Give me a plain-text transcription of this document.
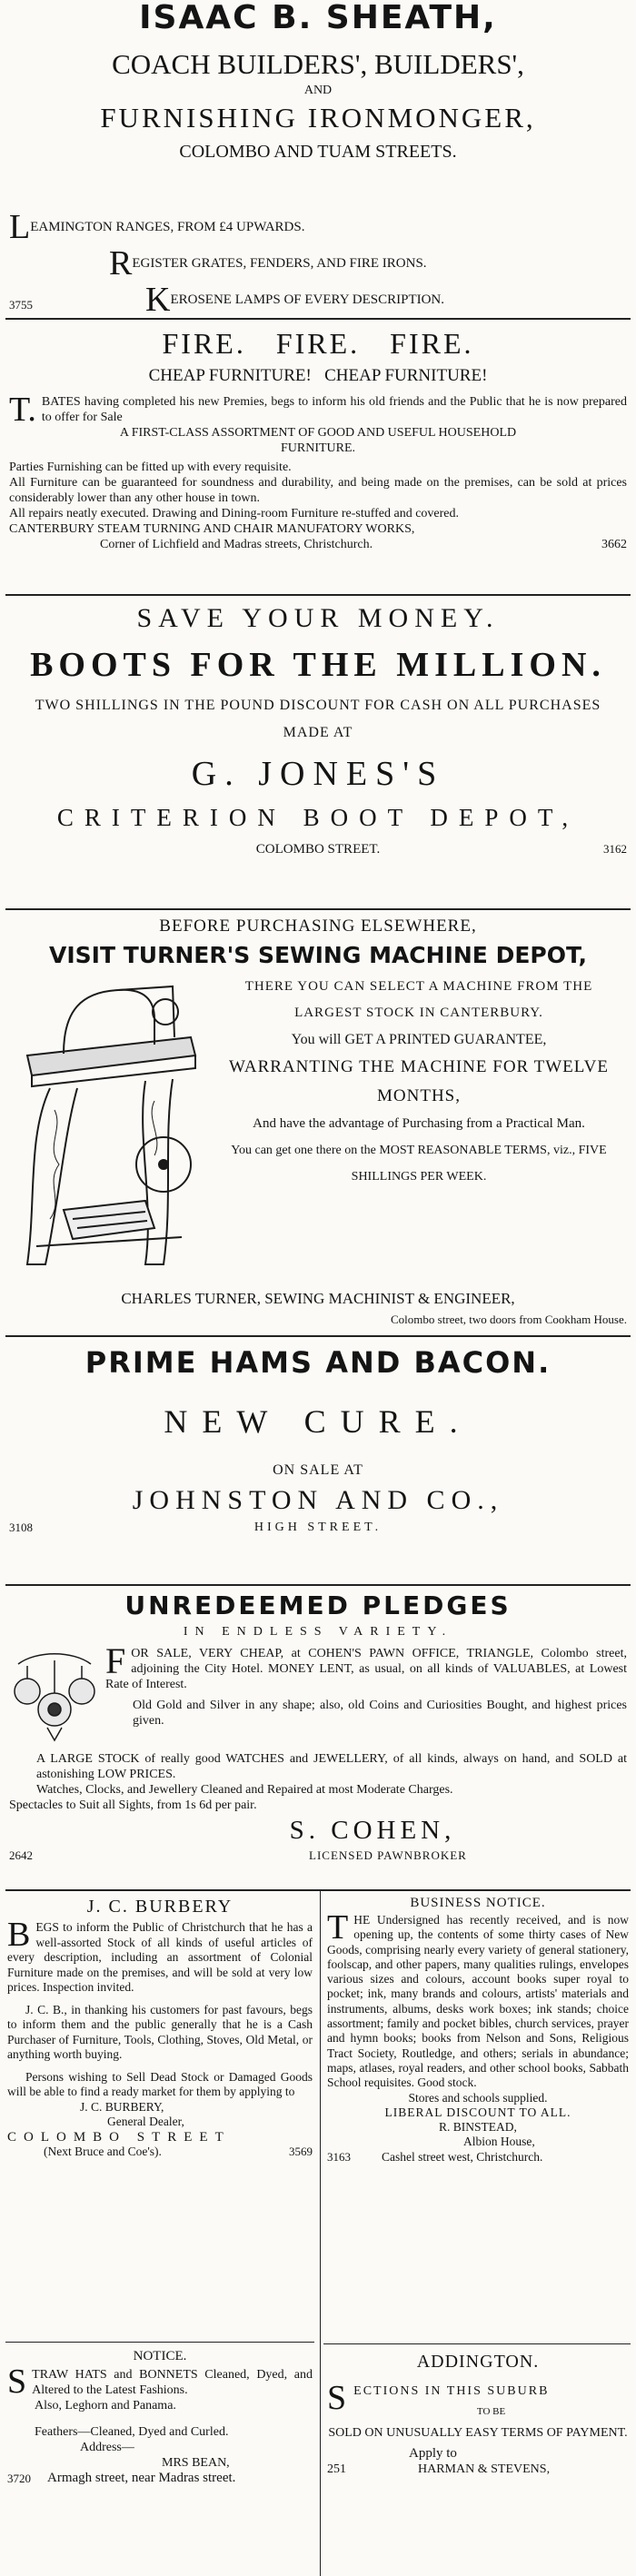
ISAAC B. SHEATH,
COACH BUILDERS', BUILDERS',
AND
FURNISHING IRONMONGER,
COLOMBO AND TUAM STREETS.
LEAMINGTON RANGES, FROM £4 UPWARDS.
REGISTER GRATES, FENDERS, AND FIRE IRONS.
KEROSENE LAMPS OF EVERY DESCRIPTION.
3755
FIRE.   FIRE.   FIRE.
CHEAP FURNITURE!   CHEAP FURNITURE!
T. BATES having completed his new Premies, begs to inform his old friends and the Public that he is now prepared to offer for Sale
A FIRST-CLASS ASSORTMENT OF GOOD AND USEFUL HOUSEHOLD FURNITURE.
Parties Furnishing can be fitted up with every requisite.
All Furniture can be guaranteed for soundness and durability, and being made on the premises, can be sold at prices considerably lower than any other house in town.
All repairs neatly executed. Drawing and Dining-room Furniture re-stuffed and covered.
CANTERBURY STEAM TURNING AND CHAIR MANUFATORY WORKS,
Corner of Lichfield and Madras streets, Christchurch.	3662
SAVE YOUR MONEY.
BOOTS FOR THE MILLION.
TWO SHILLINGS IN THE POUND DISCOUNT FOR CASH ON ALL PURCHASES MADE AT
G. JONES'S
CRITERION BOOT DEPOT,
COLOMBO STREET.	3162
BEFORE PURCHASING ELSEWHERE,
VISIT TURNER'S SEWING MACHINE DEPOT,
THERE YOU CAN SELECT A MACHINE FROM THE LARGEST STOCK IN CANTERBURY.
You will GET A PRINTED GUARANTEE,
WARRANTING THE MACHINE FOR TWELVE MONTHS,
And have the advantage of Purchasing from a Practical Man.
You can get one there on the MOST REASONABLE TERMS, viz., FIVE SHILLINGS PER WEEK.
CHARLES TURNER, SEWING MACHINIST & ENGINEER,
Colombo street, two doors from Cookham House.
PRIME HAMS AND BACON.
NEW CURE.
ON SALE AT
JOHNSTON AND CO.,
3108	HIGH STREET.
UNREDEEMED PLEDGES
IN ENDLESS VARIETY.
FOR SALE, VERY CHEAP, at COHEN'S PAWN OFFICE, TRIANGLE, Colombo street, adjoining the City Hotel. MONEY LENT, as usual, on all kinds of VALUABLES, at Lowest Rate of Interest.
Old Gold and Silver in any shape; also, old Coins and Curiosities Bought, and highest prices given.
A LARGE STOCK of really good WATCHES and JEWELLERY, of all kinds, always on hand, and SOLD at astonishing LOW PRICES.
Watches, Clocks, and Jewellery Cleaned and Repaired at most Moderate Charges.
Spectacles to Suit all Sights, from 1s 6d per pair.
S. COHEN,
2642	LICENSED PAWNBROKER
J. C. BURBERY
BEGS to inform the Public of Christchurch that he has a well-assorted Stock of all kinds of useful articles of every description, including an assortment of Colonial Furniture made on the premises, and will be sold at very low prices. Inspection invited.
J. C. B., in thanking his customers for past favours, begs to inform them and the public generally that he is a Cash Purchaser of Furniture, Tools, Clothing, Stoves, Old Metal, or anything worth buying.
Persons wishing to Sell Dead Stock or Damaged Goods will be able to find a ready market for them by applying to
J. C. BURBERY,
General Dealer,
COLOMBO STREET
(Next Bruce and Coe's).	3569
BUSINESS NOTICE.
THE Undersigned has recently received, and is now opening up, the contents of some thirty cases of New Goods, comprising nearly every variety of general stationery, foolscap, and other papers, many qualities rulings, envelopes various sizes and colours, account books super royal to pocket; ink, many brands and colours, artists' materials and instruments, albums, desks work boxes; ink stands; choice assortment; family and pocket bibles, church services, prayer and hymn books; books from Nelson and Sons, Religious Tract Society, Routledge, and others; serials in abundance; maps, atlases, royal readers, and other school books, Sabbath School requisites. Good stock.
Stores and schools supplied.
LIBERAL DISCOUNT TO ALL.
R. BINSTEAD,
Albion House,
3163	Cashel street west, Christchurch.
NOTICE.
STRAW HATS and BONNETS Cleaned, Dyed, and Altered to the Latest Fashions.
Also, Leghorn and Panama.
Feathers—Cleaned, Dyed and Curled.
Address—
MRS BEAN,
3720 Armagh street, near Madras street.
ADDINGTON.
SECTIONS IN THIS SUBURB
TO BE
SOLD ON UNUSUALLY EASY TERMS OF PAYMENT.
Apply to
251	HARMAN & STEVENS,
